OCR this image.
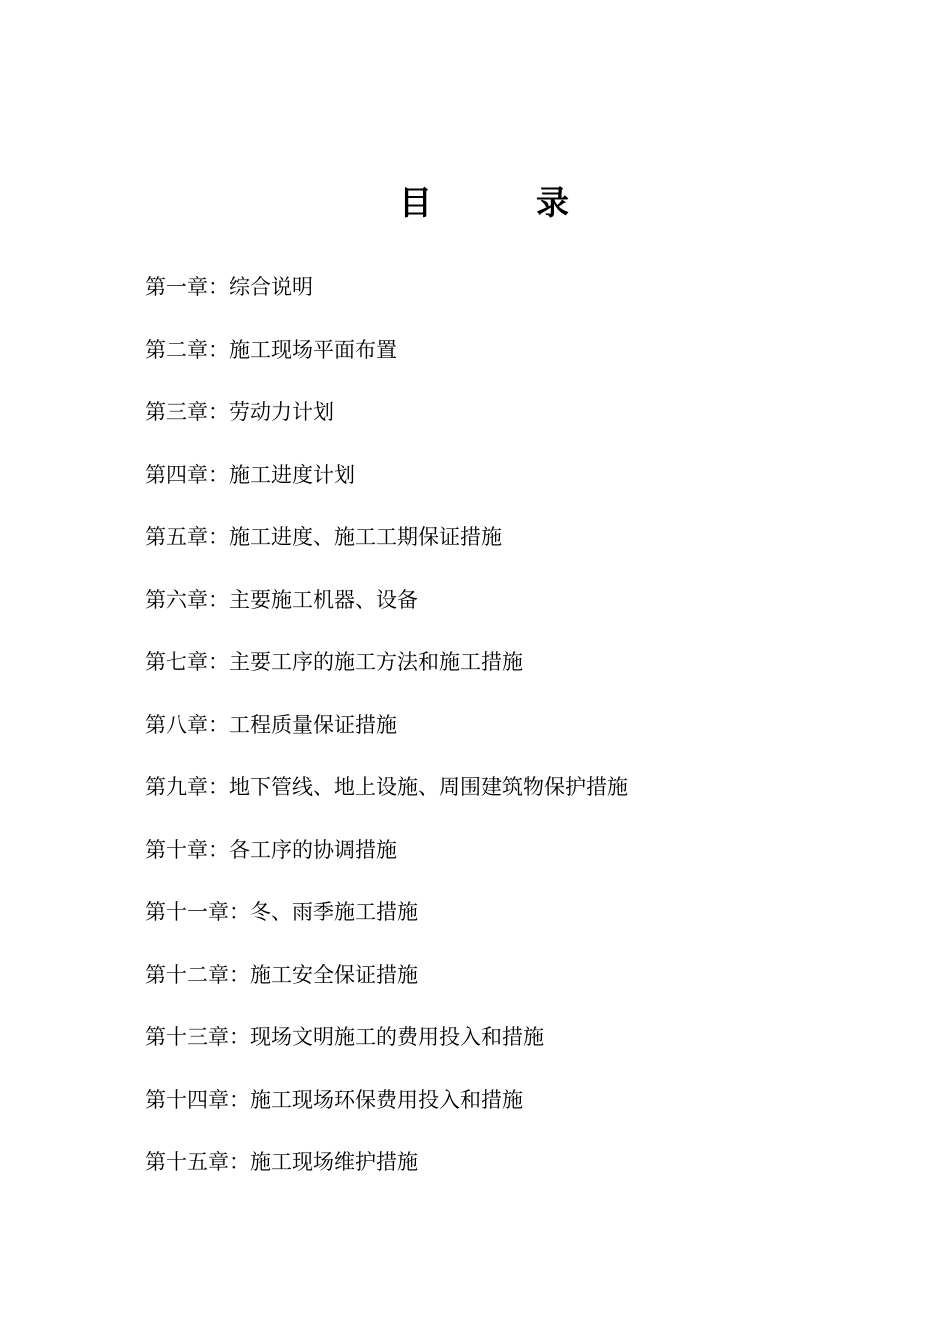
目	录
第一章：综合说明
第二章：施工现场平面布置
第三章：劳动力计划
第四章：施工进度计划
第五章：施工进度、施工工期保证措施
第六章：主要施工机器、设备
第七章：主要工序的施工方法和施工措施
第八章：工程质量保证措施
第九章：地下管线、地上设施、周围建筑物保护措施
第十章：各工序的协调措施
第十一章：冬、雨季施工措施
第十二章：施工安全保证措施
第十三章：现场文明施工的费用投入和措施
第十四章：施工现场环保费用投入和措施
第十五章：施工现场维护措施
